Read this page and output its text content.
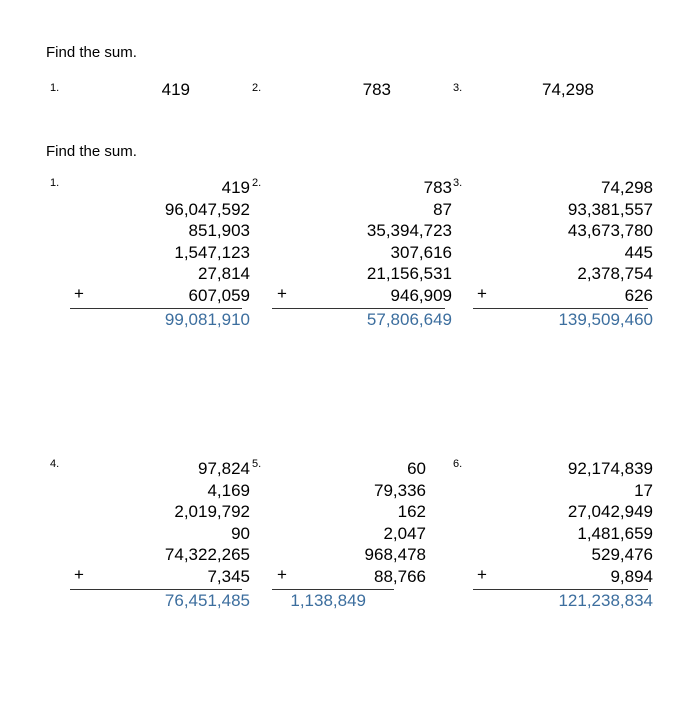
Find the sum.
1.	419	2.	783	3.	74,298
Find the sum.
1.	419
96,047,592
851,903
1,547,123
27,814
607,059
+
99,081,910
2.	783
87
35,394,723
307,616
21,156,531
946,909
+
57,806,649
3.	74,298
93,381,557
43,673,780
445
2,378,754
626
+
139,509,460
4.	97,824
4,169
2,019,792
90
74,322,265
7,345
+
76,451,485
5.	60
79,336
162
2,047
968,478
88,766
+
1,138,849
6.	92,174,839
17
27,042,949
1,481,659
529,476
9,894
+
121,238,834
